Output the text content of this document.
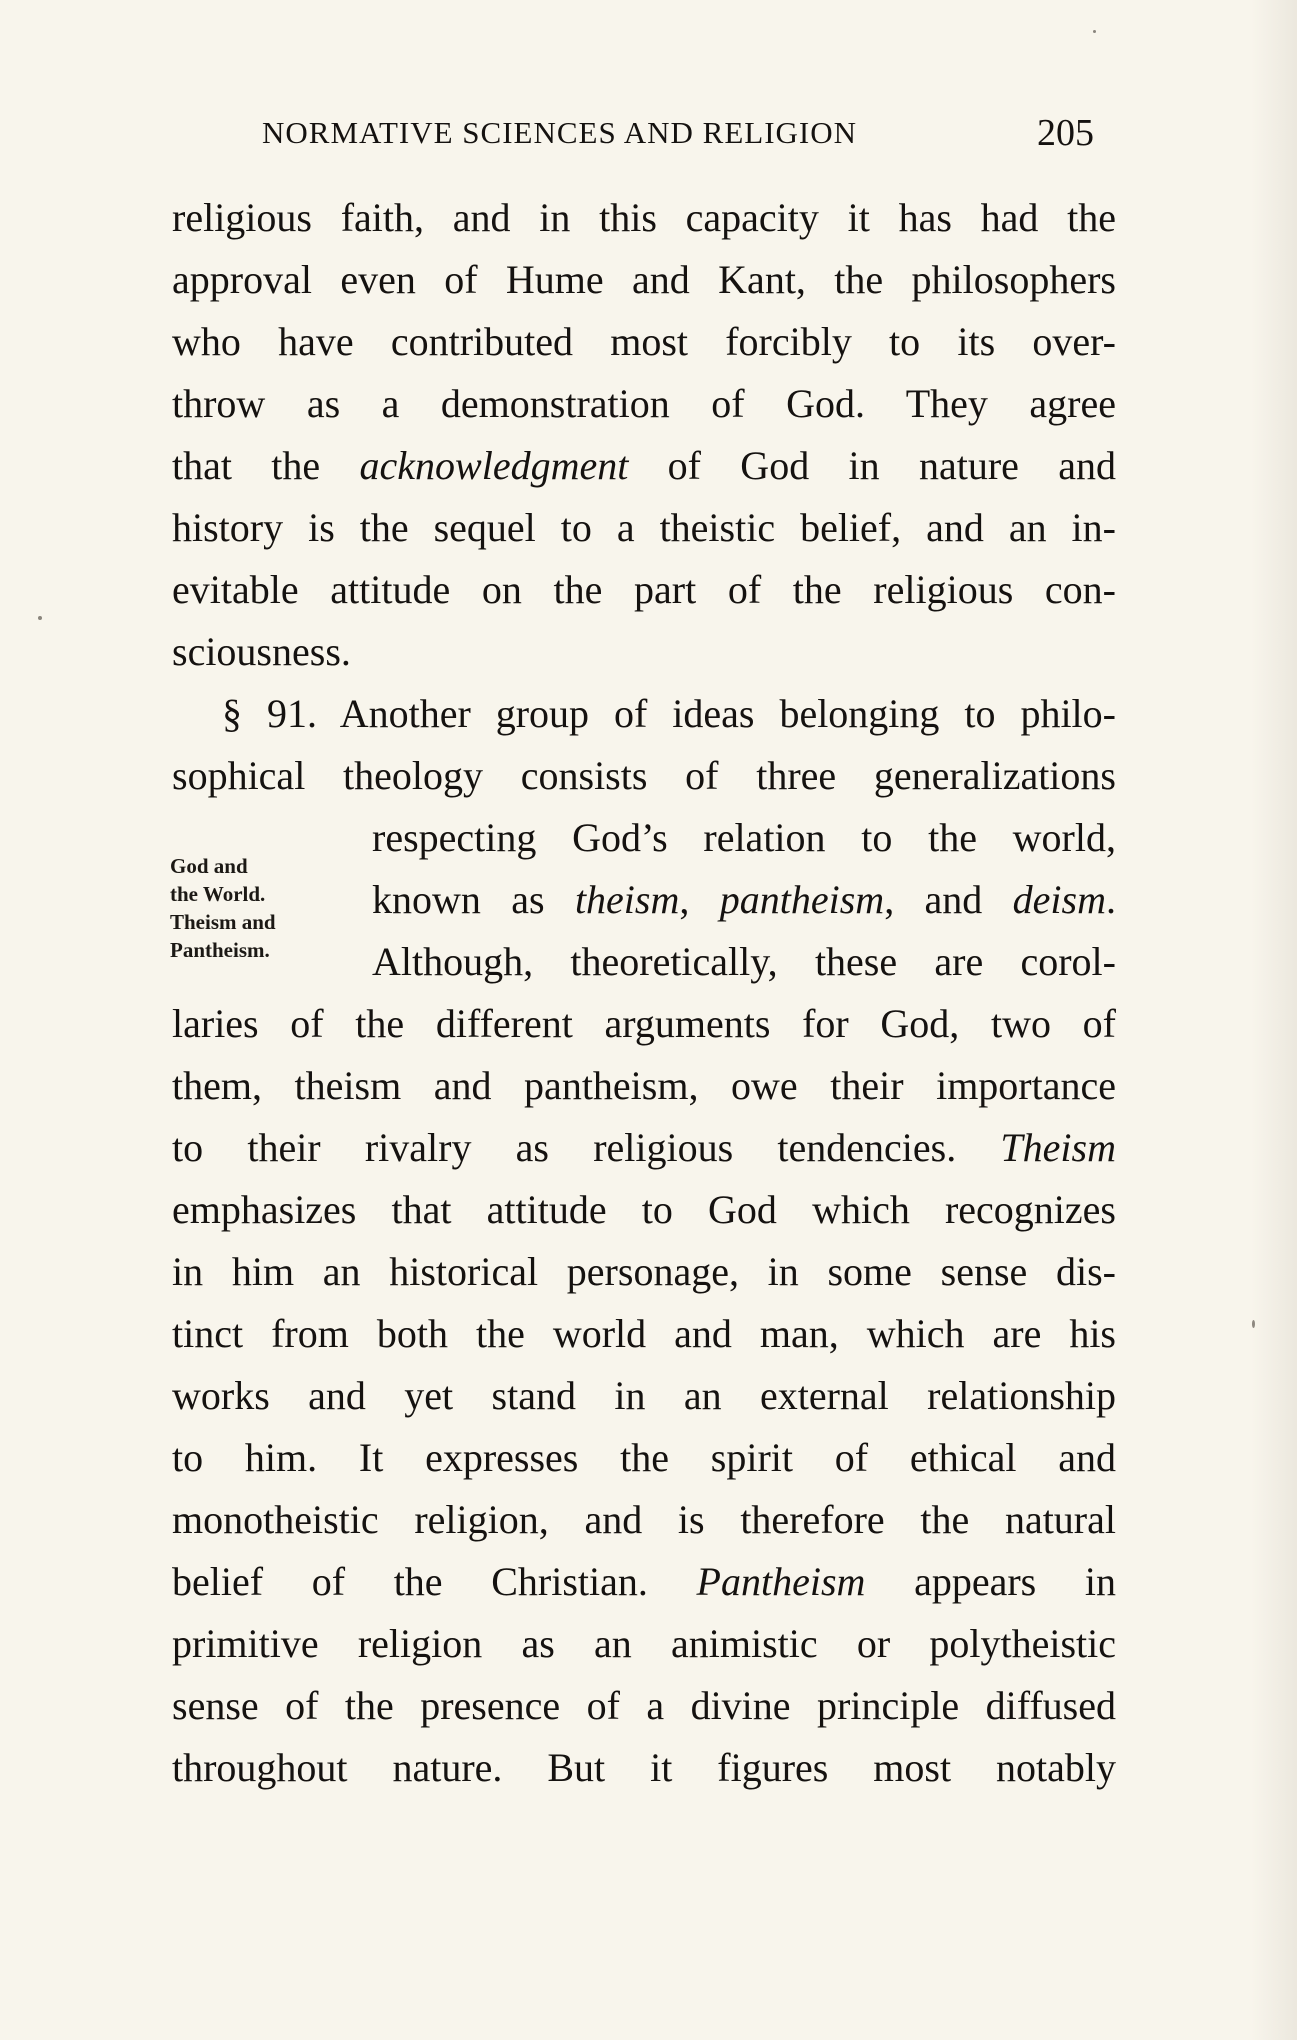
NORMATIVE SCIENCES AND RELIGION	205
God and
the World.
Theism and
Pantheism.
religious faith, and in this capacity it has had the
approval even of Hume and Kant, the philosophers
who have contributed most forcibly to its over-
throw as a demonstration of God. They agree
that the acknowledgment of God in nature and
history is the sequel to a theistic belief, and an in-
evitable attitude on the part of the religious con-
sciousness.
§ 91. Another group of ideas belonging to philo-
sophical theology consists of three generalizations
respecting God’s relation to the world,
known as theism, pantheism, and deism.
Although, theoretically, these are corol-
laries of the different arguments for God, two of
them, theism and pantheism, owe their importance
to their rivalry as religious tendencies. Theism
emphasizes that attitude to God which recognizes
in him an historical personage, in some sense dis-
tinct from both the world and man, which are his
works and yet stand in an external relationship
to him. It expresses the spirit of ethical and
monotheistic religion, and is therefore the natural
belief of the Christian. Pantheism appears in
primitive religion as an animistic or polytheistic
sense of the presence of a divine principle diffused
throughout nature. But it figures most notably
